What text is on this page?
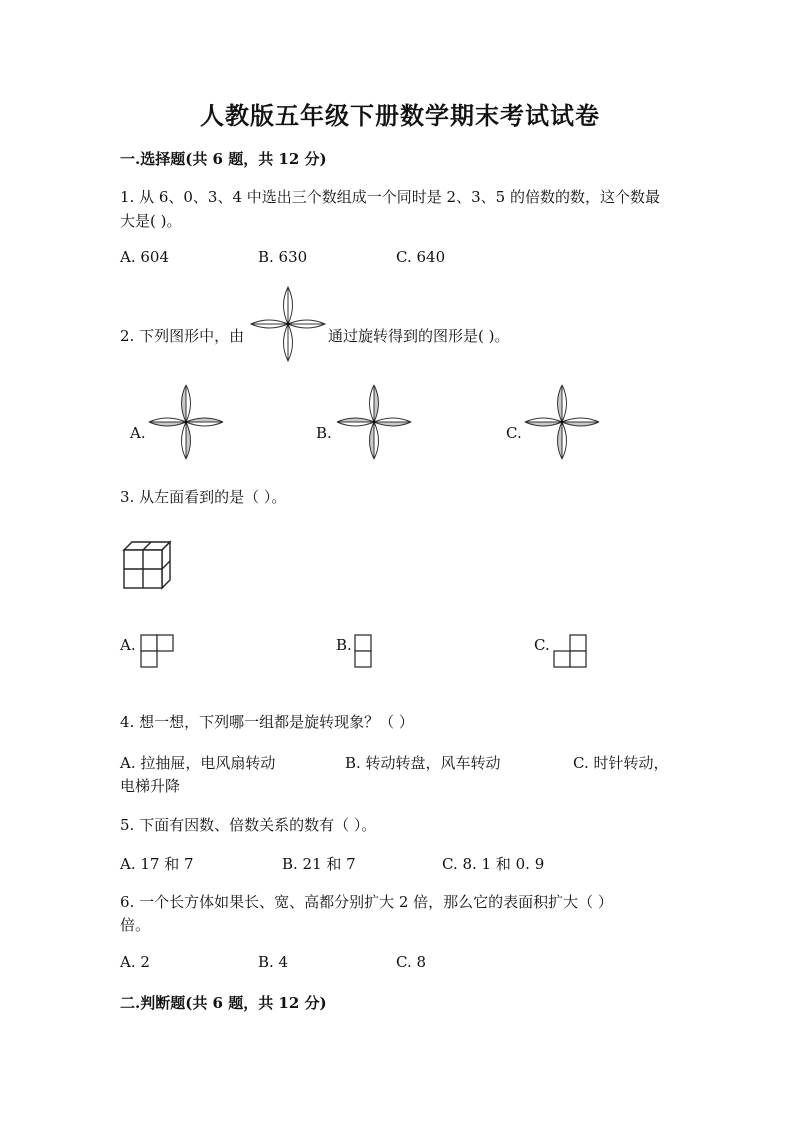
人教版五年级下册数学期末考试试卷
一.选择题(共 6 题，共 12 分)
1. 从 6、0、3、4 中选出三个数组成一个同时是 2、3、5 的倍数的数，这个数最
大是( )。
A. 604	B. 630	C. 640
2. 下列图形中，由	通过旋转得到的图形是( )。
A.	B.	C.
3. 从左面看到的是（ ）。
A.	B.	C.
4. 想一想，下列哪一组都是旋转现象？（ ）
A. 拉抽屉，电风扇转动	B. 转动转盘，风车转动	C. 时针转动，
电梯升降
5. 下面有因数、倍数关系的数有（ ）。
A. 17 和 7	B. 21 和 7	C. 8. 1 和 0. 9
6. 一个长方体如果长、宽、高都分别扩大 2 倍，那么它的表面积扩大（ ）
倍。
A. 2	B. 4	C. 8
二.判断题(共 6 题，共 12 分)
